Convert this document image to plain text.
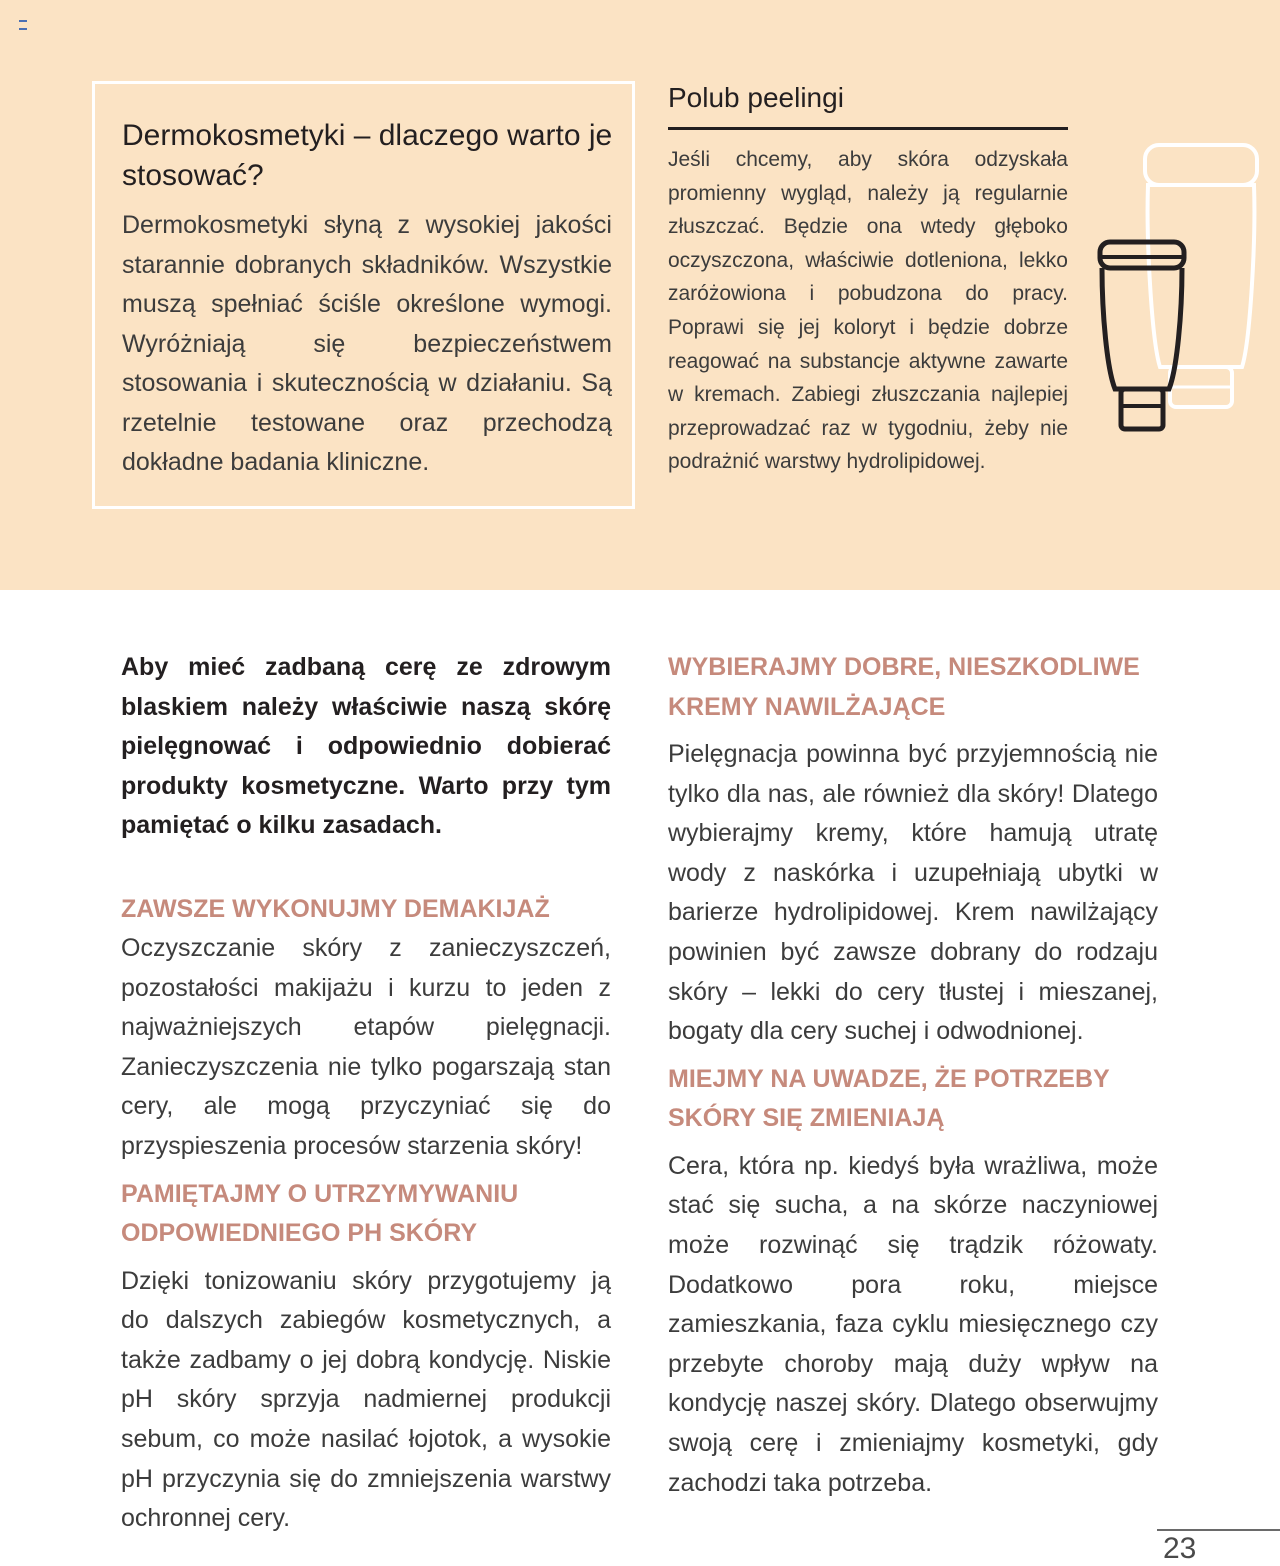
Dermokosmetyki – dlaczego warto je stosować?

Dermokosmetyki słyną z wysokiej jakości starannie dobranych składników. Wszystkie muszą spełniać ściśle określone wymogi. Wyróżniają się bezpieczeństwem stosowania i skutecznością w działaniu. Są rzetelnie testowane oraz przechodzą dokładne badania kliniczne.

Polub peelingi

Jeśli chcemy, aby skóra odzyskała promienny wygląd, należy ją regularnie złuszczać. Będzie ona wtedy głęboko oczyszczona, właściwie dotleniona, lekko zaróżowiona i pobudzona do pracy. Poprawi się jej koloryt i będzie dobrze reagować na substancje aktywne zawarte w kremach. Zabiegi złuszczania najlepiej przeprowadzać raz w tygodniu, żeby nie podrażnić warstwy hydrolipidowej.

Aby mieć zadbaną cerę ze zdrowym blaskiem należy właściwie naszą skórę pielęgnować i odpowiednio dobierać produkty kosmetyczne. Warto przy tym pamiętać o kilku zasadach.

ZAWSZE WYKONUJMY DEMAKIJAŻ

Oczyszczanie skóry z zanieczyszczeń, pozostałości makijażu i kurzu to jeden z najważniejszych etapów pielęgnacji. Zanieczyszczenia nie tylko pogarszają stan cery, ale mogą przyczyniać się do przyspieszenia procesów starzenia skóry!

PAMIĘTAJMY O UTRZYMYWANIU ODPOWIEDNIEGO PH SKÓRY

Dzięki tonizowaniu skóry przygotujemy ją do dalszych zabiegów kosmetycznych, a także zadbamy o jej dobrą kondycję. Niskie pH skóry sprzyja nadmiernej produkcji sebum, co może nasilać łojotok, a wysokie pH przyczynia się do zmniejszenia warstwy ochronnej cery.

WYBIERAJMY DOBRE, NIESZKODLIWE KREMY NAWILŻAJĄCE

Pielęgnacja powinna być przyjemnością nie tylko dla nas, ale również dla skóry! Dlatego wybierajmy kremy, które hamują utratę wody z naskórka i uzupełniają ubytki w barierze hydrolipidowej. Krem nawilżający powinien być zawsze dobrany do rodzaju skóry – lekki do cery tłustej i mieszanej, bogaty dla cery suchej i odwodnionej.

MIEJMY NA UWADZE, ŻE POTRZEBY SKÓRY SIĘ ZMIENIAJĄ

Cera, która np. kiedyś była wrażliwa, może stać się sucha, a na skórze naczyniowej może rozwinąć się trądzik różowaty. Dodatkowo pora roku, miejsce zamieszkania, faza cyklu miesięcznego czy przebyte choroby mają duży wpływ na kondycję naszej skóry. Dlatego obserwujmy swoją cerę i zmieniajmy kosmetyki, gdy zachodzi taka potrzeba.

23
